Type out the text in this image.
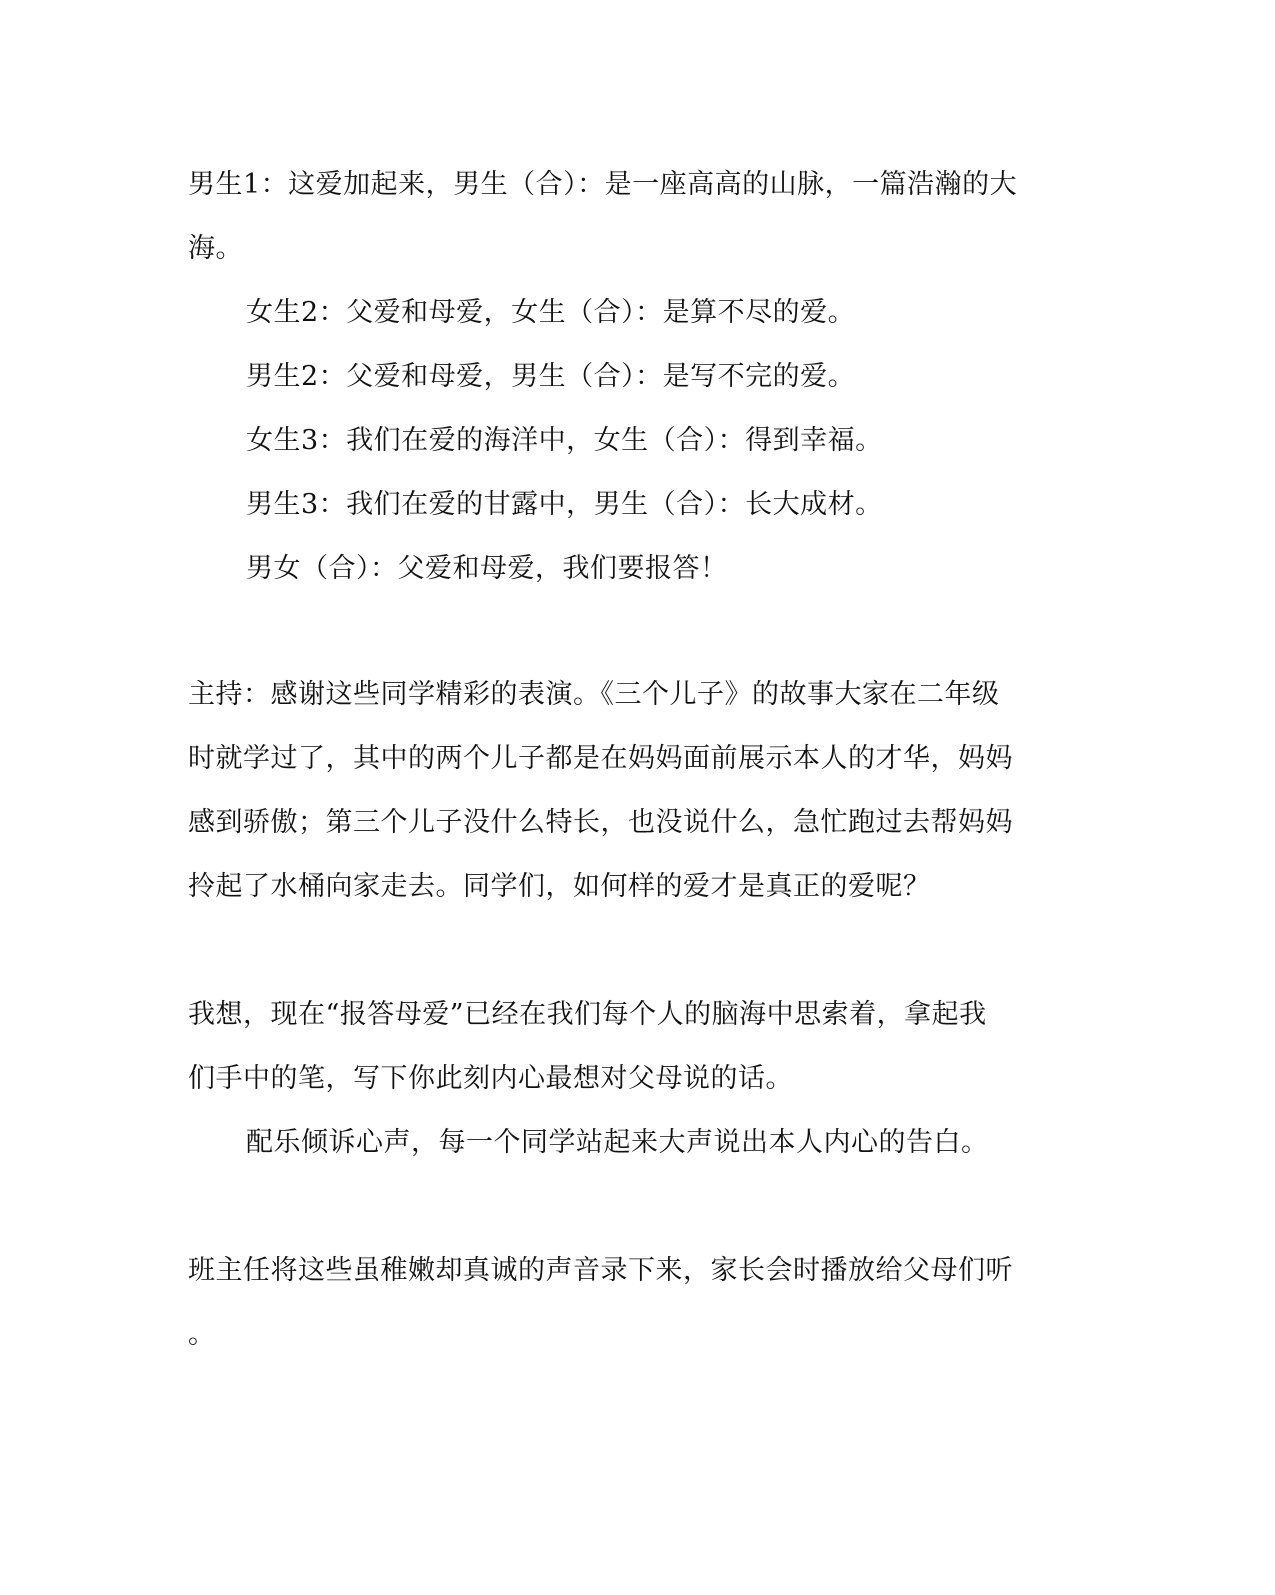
男生1：这爱加起来，男生（合）：是一座高高的山脉，一篇浩瀚的大
海。
女生2：父爱和母爱，女生（合）：是算不尽的爱。
男生2：父爱和母爱，男生（合）：是写不完的爱。
女生3：我们在爱的海洋中，女生（合）：得到幸福。
男生3：我们在爱的甘露中，男生（合）：长大成材。
男女（合）：父爱和母爱，我们要报答！
主持：感谢这些同学精彩的表演。《三个儿子》的故事大家在二年级
时就学过了，其中的两个儿子都是在妈妈面前展示本人的才华，妈妈
感到骄傲；第三个儿子没什么特长，也没说什么，急忙跑过去帮妈妈
拎起了水桶向家走去。同学们，如何样的爱才是真正的爱呢？
我想，现在“报答母爱”已经在我们每个人的脑海中思索着，拿起我
们手中的笔，写下你此刻内心最想对父母说的话。
配乐倾诉心声，每一个同学站起来大声说出本人内心的告白。
班主任将这些虽稚嫩却真诚的声音录下来，家长会时播放给父母们听
。
